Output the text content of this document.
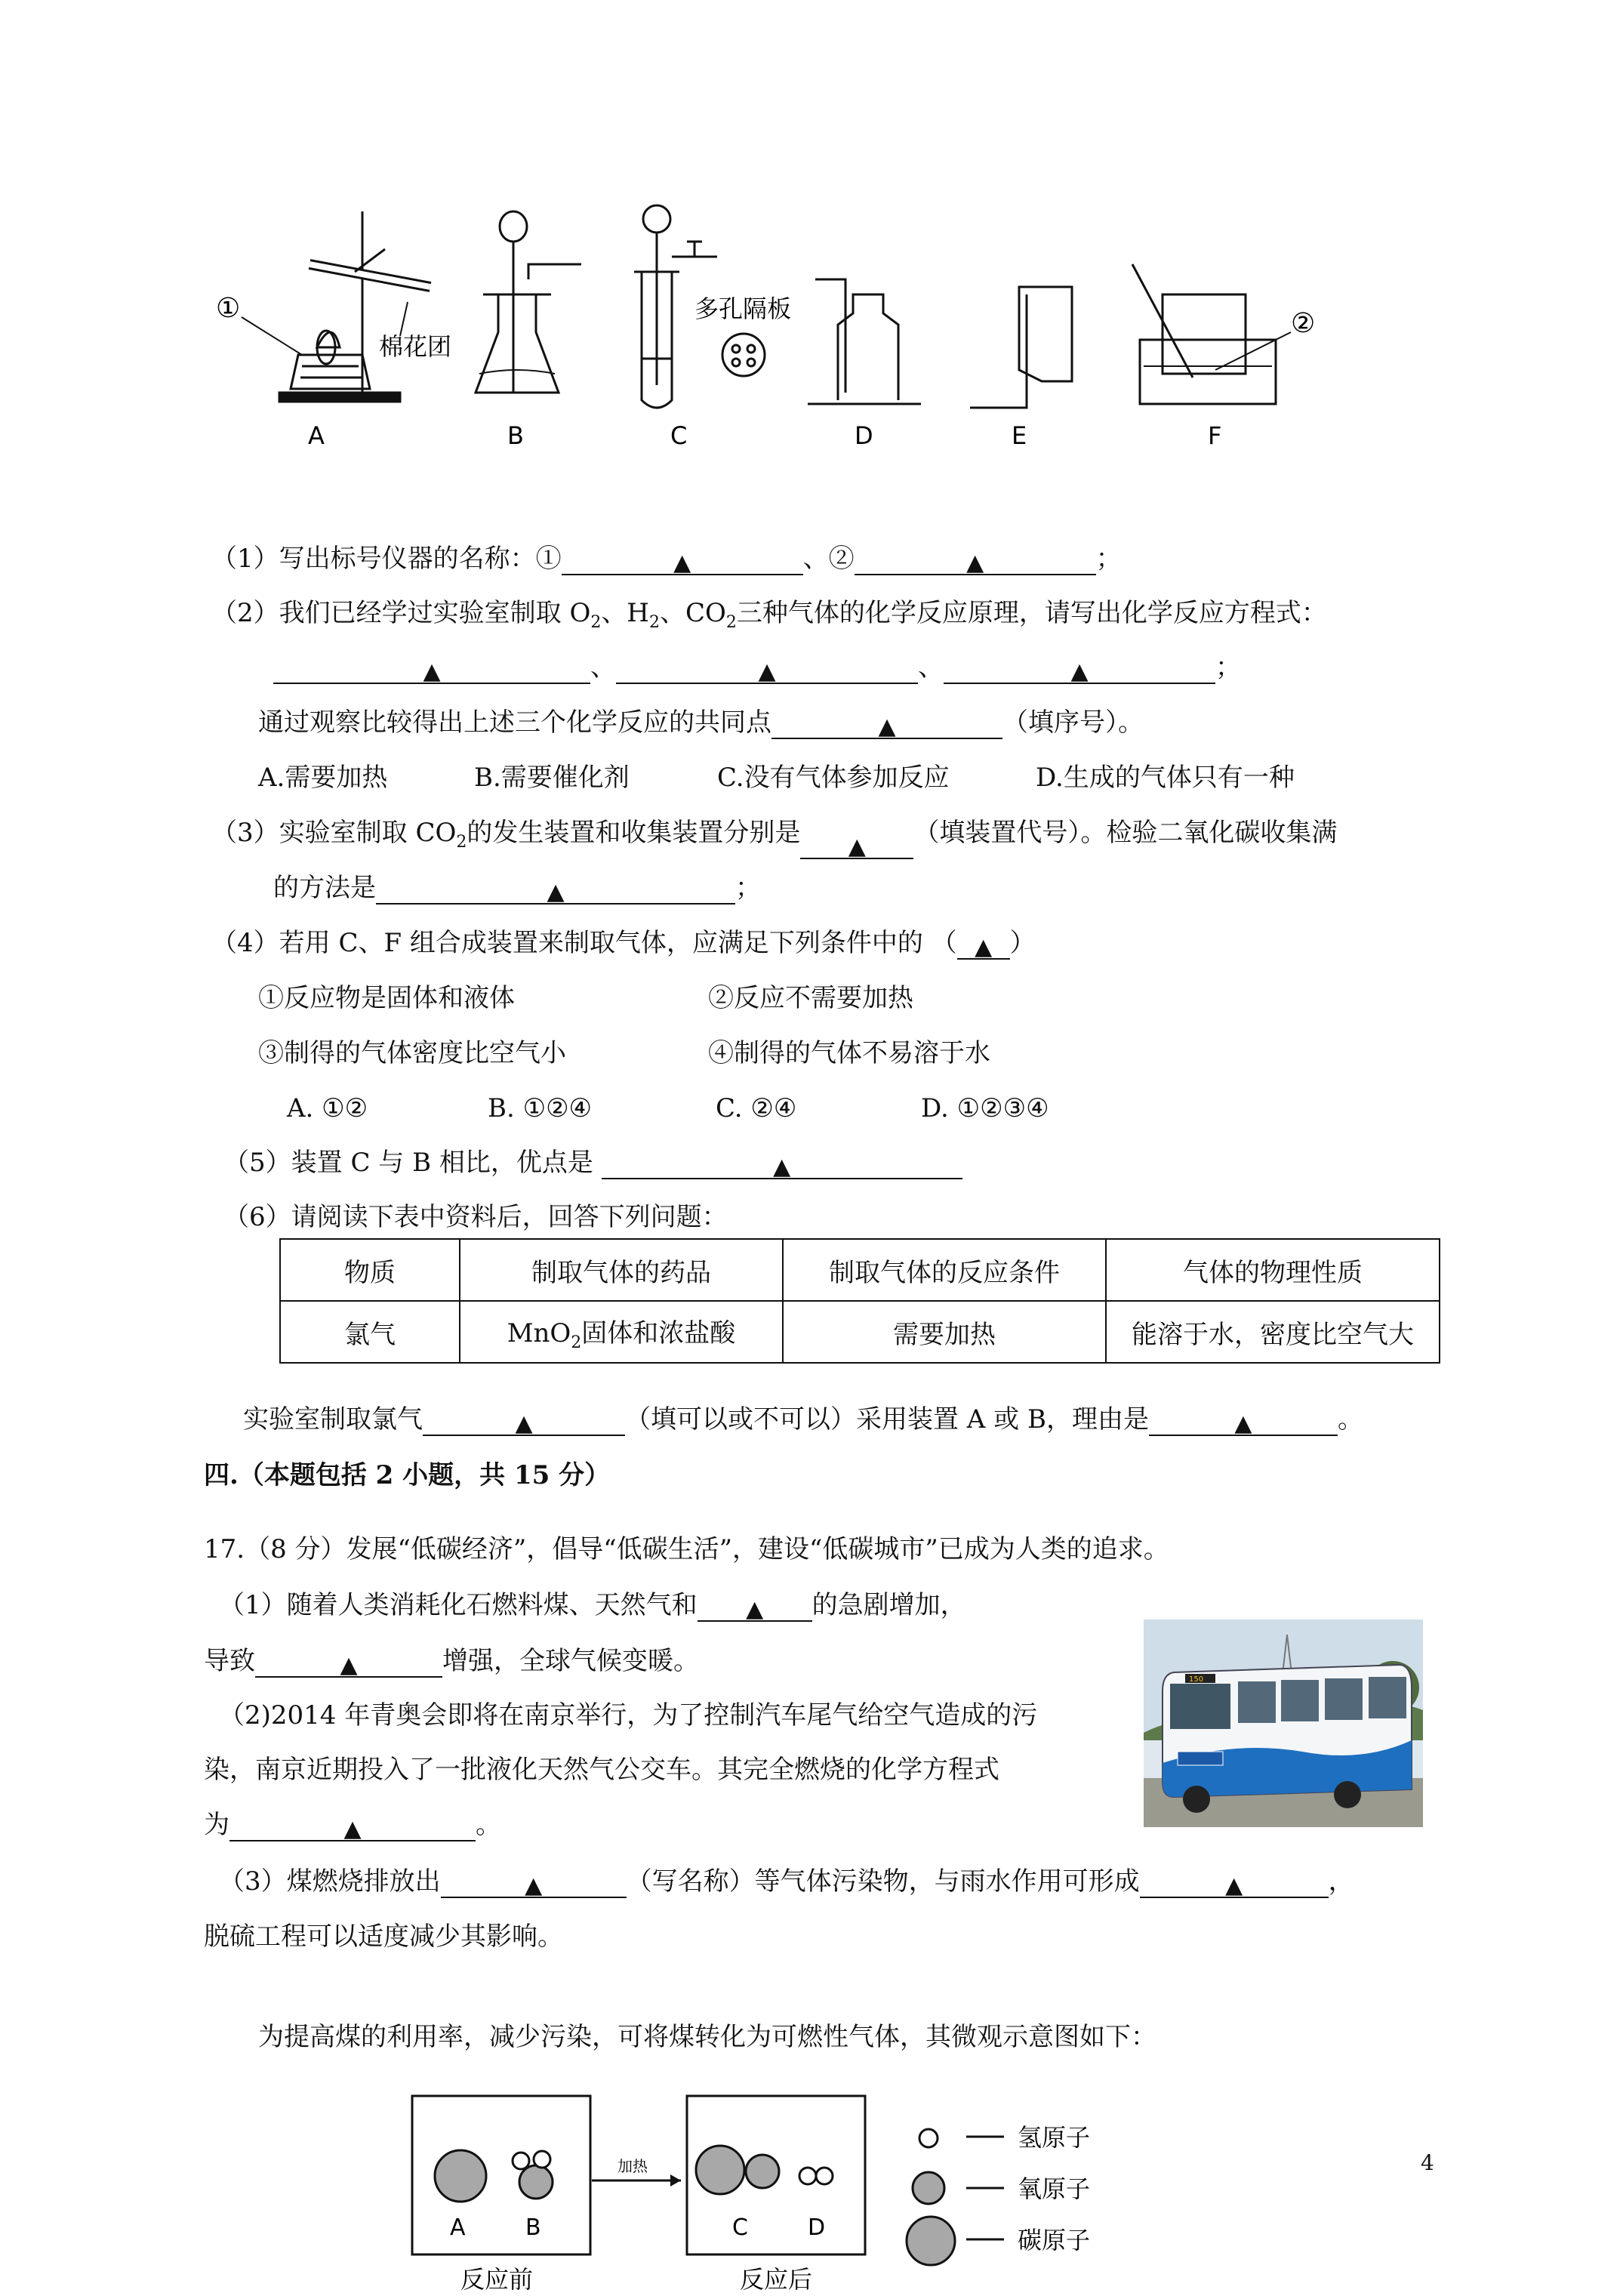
①
棉花团
多孔隔板	②
A	B	C	D	E	F
（1）写出标号仪器的名称：①	▲	、②	▲	；
（2）我们已经学过实验室制取 $O_2$、$H_2$、$CO_2$三种气体的化学反应原理，请写出化学反应方程式：
▲	、	▲	、	▲	；
通过观察比较得出上述三个化学反应的共同点	▲	（填序号）。
A.需要加热	B.需要催化剂	C.没有气体参加反应	D.生成的气体只有一种
（3）实验室制取 $CO_2$的发生装置和收集装置分别是 ▲ （填装置代号）。检验二氧化碳收集满
的方法是	▲	；
（4）若用 C、F 组合成装置来制取气体，应满足下列条件中的 （ ▲ ）
①反应物是固体和液体	②反应不需要加热
③制得的气体密度比空气小	④制得的气体不易溶于水
A. ①②	B. ①②④	C. ②④	D. ①②③④
（5）装置 C 与 B 相比，优点是	▲
（6）请阅读下表中资料后，回答下列问题：
物质	制取气体的药品	制取气体的反应条件	气体的物理性质
氯气	MnO$_2$固体和浓盐酸	需要加热	能溶于水，密度比空气大
实验室制取氯气	▲	（填可以或不可以）采用装置 A 或 B，理由是	▲	。
四.（本题包括 2 小题，共 15 分）
17.（8 分）发展“低碳经济”，倡导“低碳生活”，建设“低碳城市”已成为人类的追求。
（1）随着人类消耗化石燃料煤、天然气和 ▲ 的急剧增加，
导致	▲	增强，全球气候变暖。
（2)2014 年青奥会即将在南京举行，为了控制汽车尾气给空气造成的污
染，南京近期投入了一批液化天然气公交车。其完全燃烧的化学方程式
为	▲	。
（3）煤燃烧排放出	▲	（写名称）等气体污染物，与雨水作用可形成	▲	，
脱硫工程可以适度减少其影响。
150
为提高煤的利用率，减少污染，可将煤转化为可燃性气体，其微观示意图如下：
加热
A	B	C	D
反应前	反应后
氢原子
氧原子
碳原子
4
